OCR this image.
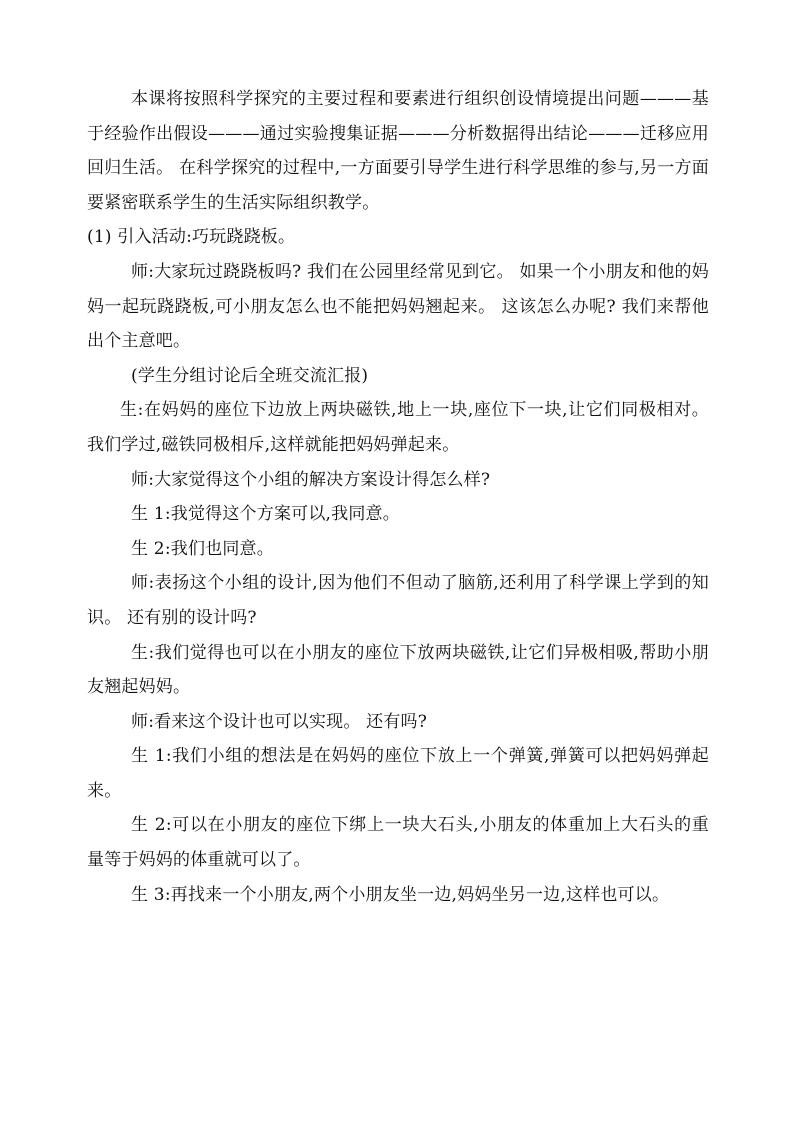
本课将按照科学探究的主要过程和要素进行组织创设情境提出问题———基于经验作出假设———通过实验搜集证据———分析数据得出结论———迁移应用回归生活。 在科学探究的过程中,一方面要引导学生进行科学思维的参与,另一方面要紧密联系学生的生活实际组织教学。

(1) 引入活动:巧玩跷跷板。

师:大家玩过跷跷板吗? 我们在公园里经常见到它。 如果一个小朋友和他的妈妈一起玩跷跷板,可小朋友怎么也不能把妈妈翘起来。 这该怎么办呢? 我们来帮他出个主意吧。

(学生分组讨论后全班交流汇报)

生:在妈妈的座位下边放上两块磁铁,地上一块,座位下一块,让它们同极相对。 我们学过,磁铁同极相斥,这样就能把妈妈弹起来。

师:大家觉得这个小组的解决方案设计得怎么样?

生 1:我觉得这个方案可以,我同意。

生 2:我们也同意。

师:表扬这个小组的设计,因为他们不但动了脑筋,还利用了科学课上学到的知识。 还有别的设计吗?

生:我们觉得也可以在小朋友的座位下放两块磁铁,让它们异极相吸,帮助小朋友翘起妈妈。

师:看来这个设计也可以实现。 还有吗?

生 1:我们小组的想法是在妈妈的座位下放上一个弹簧,弹簧可以把妈妈弹起来。

生 2:可以在小朋友的座位下绑上一块大石头,小朋友的体重加上大石头的重量等于妈妈的体重就可以了。

生 3:再找来一个小朋友,两个小朋友坐一边,妈妈坐另一边,这样也可以。
